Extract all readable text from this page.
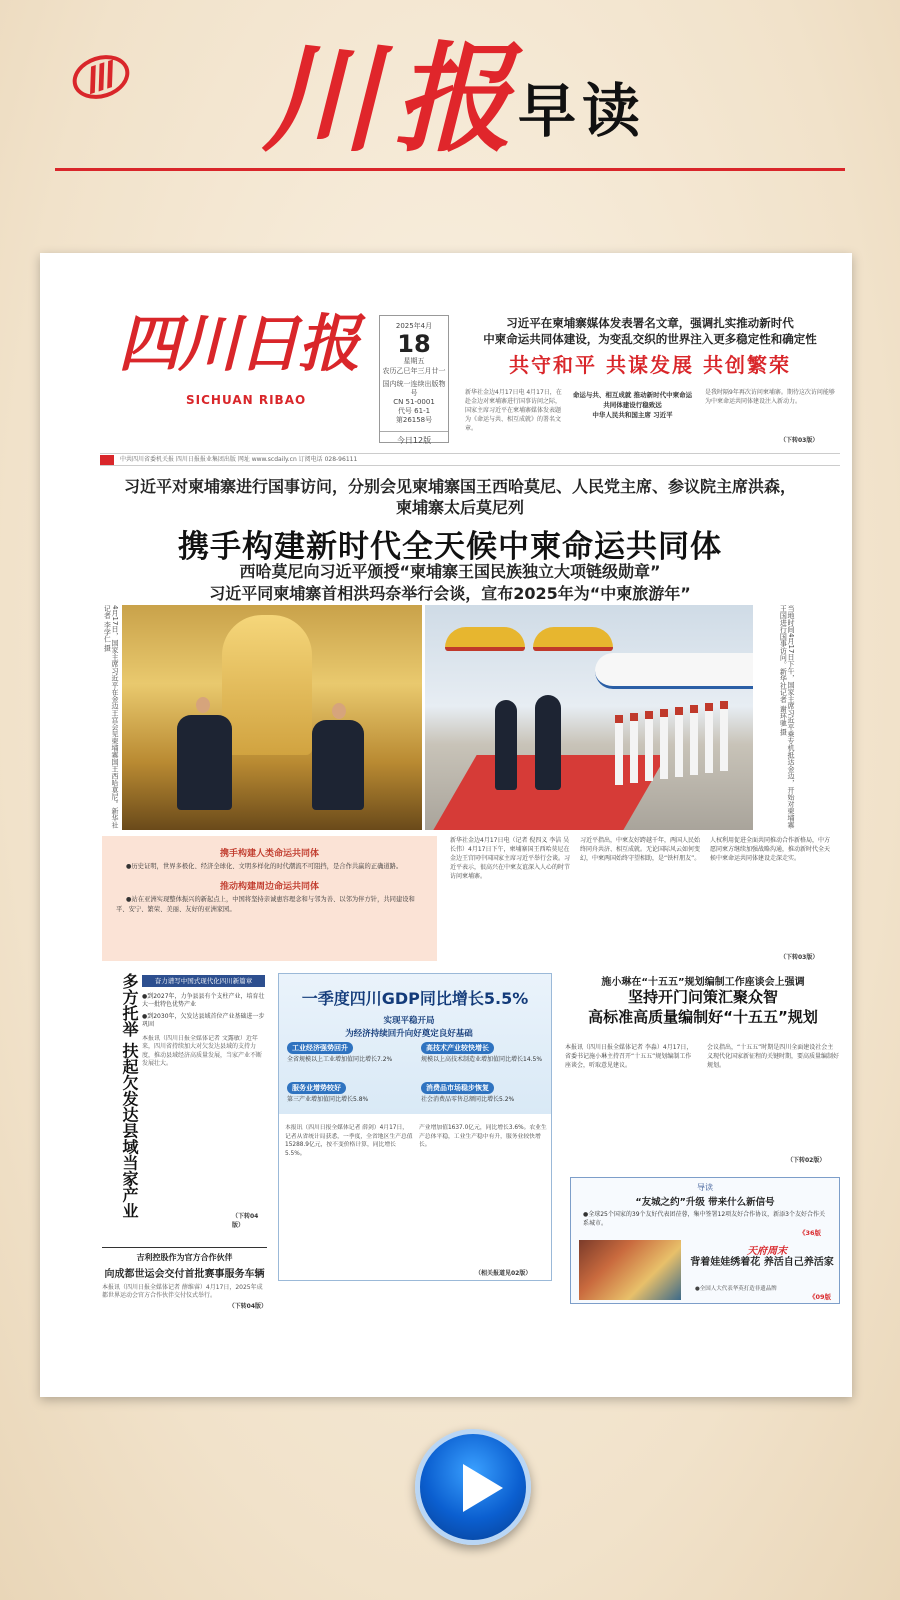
川报
早读
四川日报
SICHUAN RIBAO
2025年4月
18
星期五
农历乙巳年三月廿一
国内统一连续出版物号
CN 51-0001
代号 61-1
第26158号
今日12版
习近平在柬埔寨媒体发表署名文章，强调扎实推动新时代
中柬命运共同体建设，为变乱交织的世界注入更多稳定性和确定性
共守和平 共谋发展 共创繁荣
新华社金边4月17日电 4月17日，在赴金边对柬埔寨进行国事访问之际，国家主席习近平在柬埔寨媒体发表题为《命运与共、相互成就》的署名文章。
命运与共、相互成就 推动新时代中柬命运共同体建设行稳致远
中华人民共和国主席 习近平
是我时隔9年再次访问柬埔寨。期待这次访问能够为中柬命运共同体建设注入新动力。
（下转03版）
中共四川省委机关报 四川日报报业集团出版 网址 www.scdaily.cn 订阅电话 028-96111
习近平对柬埔寨进行国事访问，分别会见柬埔寨国王西哈莫尼、人民党主席、参议院主席洪森，柬埔寨太后莫尼列
携手构建新时代全天候中柬命运共同体
西哈莫尼向习近平颁授“柬埔寨王国民族独立大项链级勋章”
习近平同柬埔寨首相洪玛奈举行会谈，宣布2025年为“中柬旅游年”
4月17日，国家主席习近平在金边王宫会见柬埔寨国王西哈莫尼。新华社记者 李学仁 摄	当地时间4月17日下午，国家主席习近平乘专机抵达金边，开始对柬埔寨王国进行国事访问。新华社记者 谢环驰 摄
携手构建人类命运共同体

●历史证明，世界多极化、经济全球化、文明多样化的时代潮流不可阻挡，是合作共赢的正确道路。

推动构建周边命运共同体

●站在亚洲实现整体振兴的新起点上，中国将坚持亲诚惠容理念和与邻为善、以邻为伴方针，共同建设和平、安宁、繁荣、美丽、友好的亚洲家园。

新华社金边4月17日电（记者 倪四义 李洁 吴长伟）4月17日下午，柬埔寨国王西哈莫尼在金边王宫同中国国家主席习近平举行会谈。习近平表示，很高兴在中柬友谊深入人心的时节访问柬埔寨。
习近平指出，中柬友好跨越千年，两国人民始终同舟共济、相互成就。无论国际风云如何变幻，中柬两国始终守望相助，是“铁杆朋友”。
人权利用促进全面共同推动合作新格局，中方愿同柬方继续加强战略沟通，推动新时代全天候中柬命运共同体建设走深走实。
（下转03版）
多方托举 扶起欠发达县域当家产业	奋力谱写中国式现代化四川新篇章
●到2027年，力争县县有个支柱产业，培育壮大一批特色优势产业
●到2030年，欠发达县域首位产业基础进一步巩固
本报讯（四川日报全媒体记者 文露敏）近年来，四川省持续加大对欠发达县域的支持力度，推动县域经济高质量发展，当家产业不断发展壮大。
（下转04版）
吉利控股作为官方合作伙伴
向成都世运会交付首批赛事服务车辆
本报讯（四川日报全媒体记者 薛维睿）4月17日，2025年成都世界运动会官方合作伙伴交付仪式举行。
（下转04版）
一季度四川GDP同比增长5.5%
实现平稳开局
为经济持续回升向好奠定良好基础
工业经济强势回升
全省规模以上工业增加值同比增长7.2%
高技术产业较快增长
规模以上高技术制造业增加值同比增长14.5%
服务业增势较好
第三产业增加值同比增长5.8%
消费品市场稳步恢复
社会消费品零售总额同比增长5.2%
本报讯（四川日报全媒体记者 薛剑）4月17日，记者从省统计局获悉，一季度，全省地区生产总值15288.9亿元，按不变价格计算，同比增长5.5%。
产业增加值1637.0亿元，同比增长3.6%。农业生产总体平稳，工业生产稳中有升，服务业较快增长。
（相关报道见02版）
施小琳在“十五五”规划编制工作座谈会上强调
坚持开门问策汇聚众智
高标准高质量编制好“十五五”规划
本报讯（四川日报全媒体记者 李淼）4月17日，省委书记施小琳主持召开“十五五”规划编制工作座谈会，听取意见建议。
会议指出，“十五五”时期是四川全面建设社会主义现代化国家新征程的关键时期，要高质量编制好规划。
（下转02版）
导读
“友城之约”升级 带来什么新信号
●全球25个国家的39个友好代表团莅蓉，集中签署12项友好合作协议，新添3个友好合作关系城市。
《36版
天府周末
背着娃娃绣着花 养活自己养活家
●全国人大代表华英打造非遗品牌
《09版
